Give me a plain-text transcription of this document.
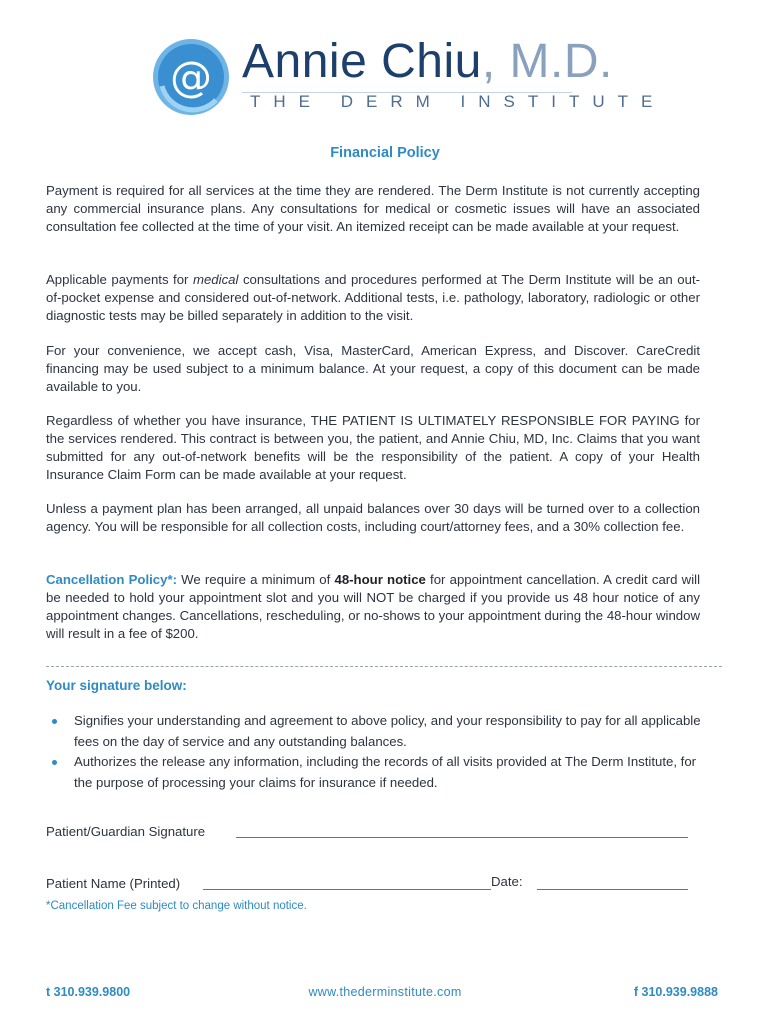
@ Annie Chiu, M.D.
THE DERM INSTITUTE
Financial Policy

Payment is required for all services at the time they are rendered. The Derm Institute is not currently accepting any commercial insurance plans. Any consultations for medical or cosmetic issues will have an associated consultation fee collected at the time of your visit. An itemized receipt can be made available at your request.

Applicable payments for medical consultations and procedures performed at The Derm Institute will be an out-of-pocket expense and considered out-of-network. Additional tests, i.e. pathology, laboratory, radiologic or other diagnostic tests may be billed separately in addition to the visit.

For your convenience, we accept cash, Visa, MasterCard, American Express, and Discover. CareCredit financing may be used subject to a minimum balance. At your request, a copy of this document can be made available to you.

Regardless of whether you have insurance, THE PATIENT IS ULTIMATELY RESPONSIBLE FOR PAYING for the services rendered. This contract is between you, the patient, and Annie Chiu, MD, Inc. Claims that you want submitted for any out-of-network benefits will be the responsibility of the patient. A copy of your Health Insurance Claim Form can be made available at your request.

Unless a payment plan has been arranged, all unpaid balances over 30 days will be turned over to a collection agency. You will be responsible for all collection costs, including court/attorney fees, and a 30% collection fee.

Cancellation Policy*: We require a minimum of 48-hour notice for appointment cancellation. A credit card will be needed to hold your appointment slot and you will NOT be charged if you provide us 48 hour notice of any appointment changes. Cancellations, rescheduling, or no-shows to your appointment during the 48-hour window will result in a fee of $200.

Your signature below:
Signifies your understanding and agreement to above policy, and your responsibility to pay for all applicable fees on the day of service and any outstanding balances.
Authorizes the release any information, including the records of all visits provided at The Derm Institute, for the purpose of processing your claims for insurance if needed.
Patient/Guardian Signature
Patient Name (Printed)	Date:
*Cancellation Fee subject to change without notice.
t 310.939.9800	www.thederminstitute.com	f 310.939.9888
